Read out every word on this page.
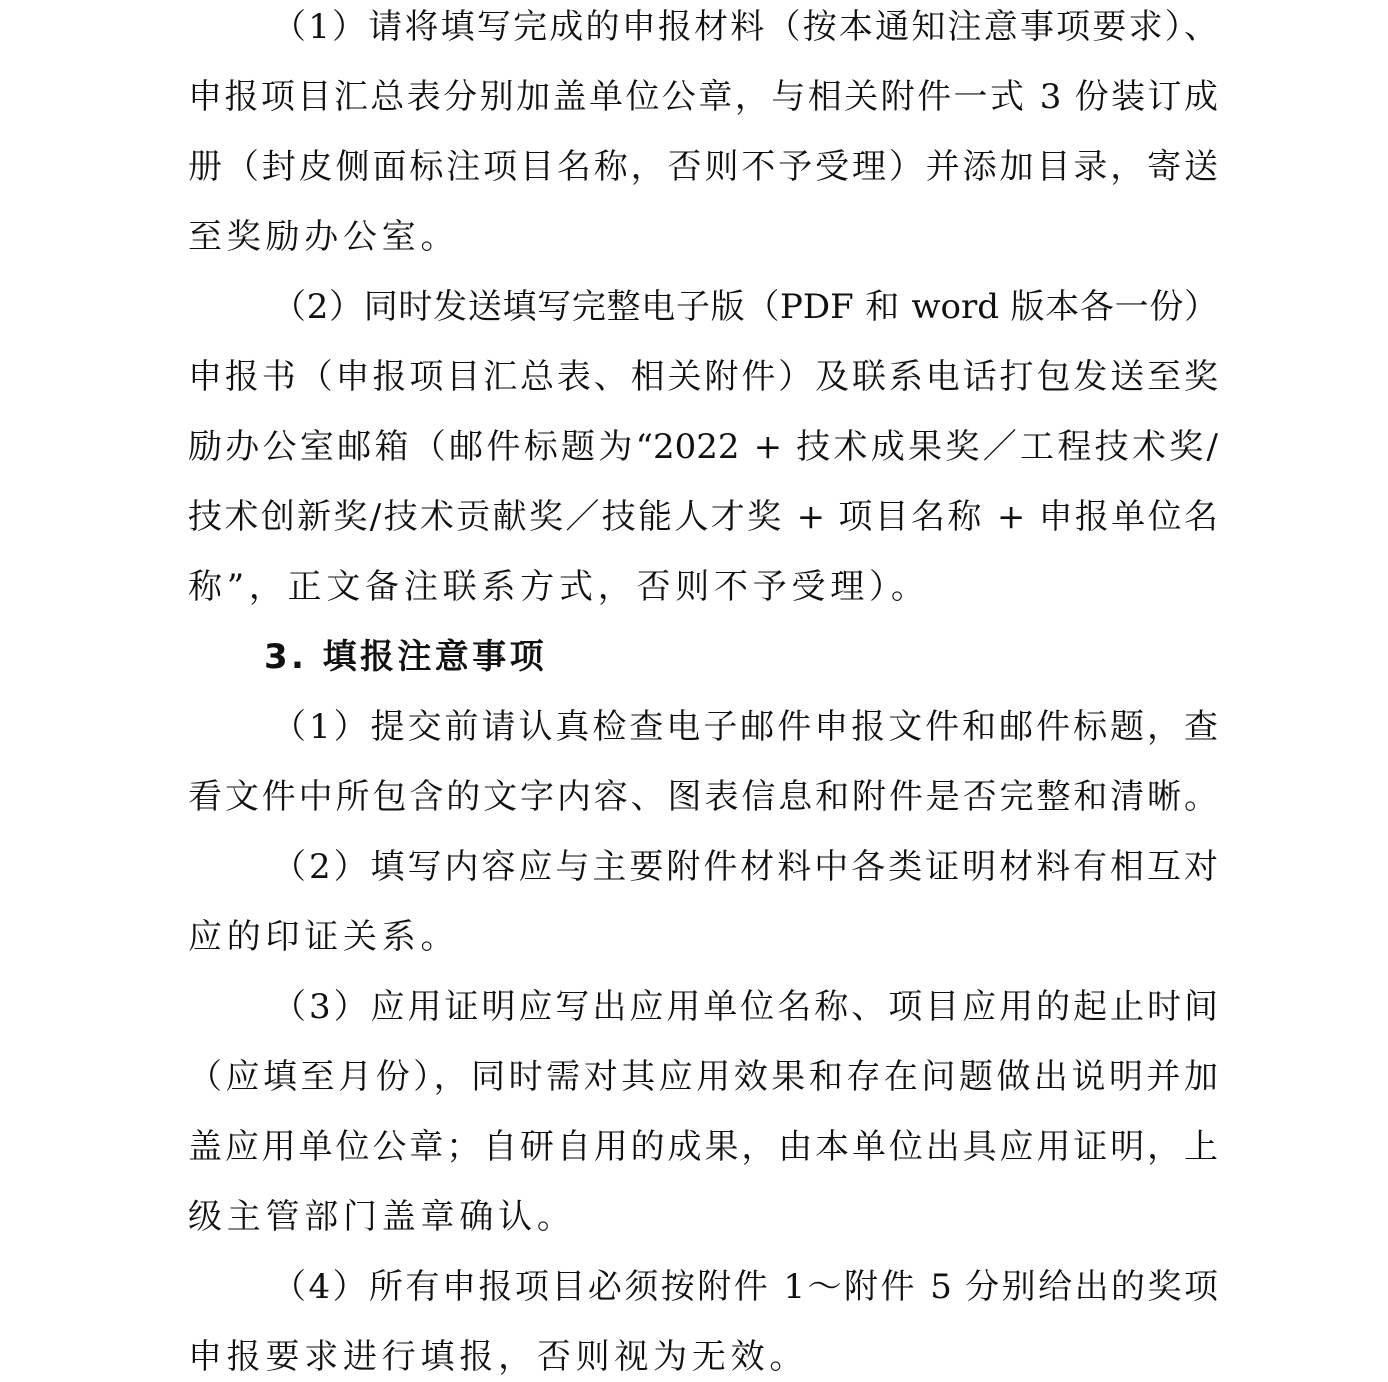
（1）请将填写完成的申报材料（按本通知注意事项要求）、
申报项目汇总表分别加盖单位公章，与相关附件一式 3 份装订成
册（封皮侧面标注项目名称，否则不予受理）并添加目录，寄送
至奖励办公室。
（2）同时发送填写完整电子版（PDF 和 word 版本各一份）
申报书（申报项目汇总表、相关附件）及联系电话打包发送至奖
励办公室邮箱（邮件标题为“2022 + 技术成果奖／工程技术奖/
技术创新奖/技术贡献奖／技能人才奖 + 项目名称 + 申报单位名
称”，正文备注联系方式，否则不予受理）。
3. 填报注意事项
（1）提交前请认真检查电子邮件申报文件和邮件标题，查
看文件中所包含的文字内容、图表信息和附件是否完整和清晰。
（2）填写内容应与主要附件材料中各类证明材料有相互对
应的印证关系。
（3）应用证明应写出应用单位名称、项目应用的起止时间
（应填至月份），同时需对其应用效果和存在问题做出说明并加
盖应用单位公章；自研自用的成果，由本单位出具应用证明，上
级主管部门盖章确认。
（4）所有申报项目必须按附件 1～附件 5 分别给出的奖项
申报要求进行填报，否则视为无效。
